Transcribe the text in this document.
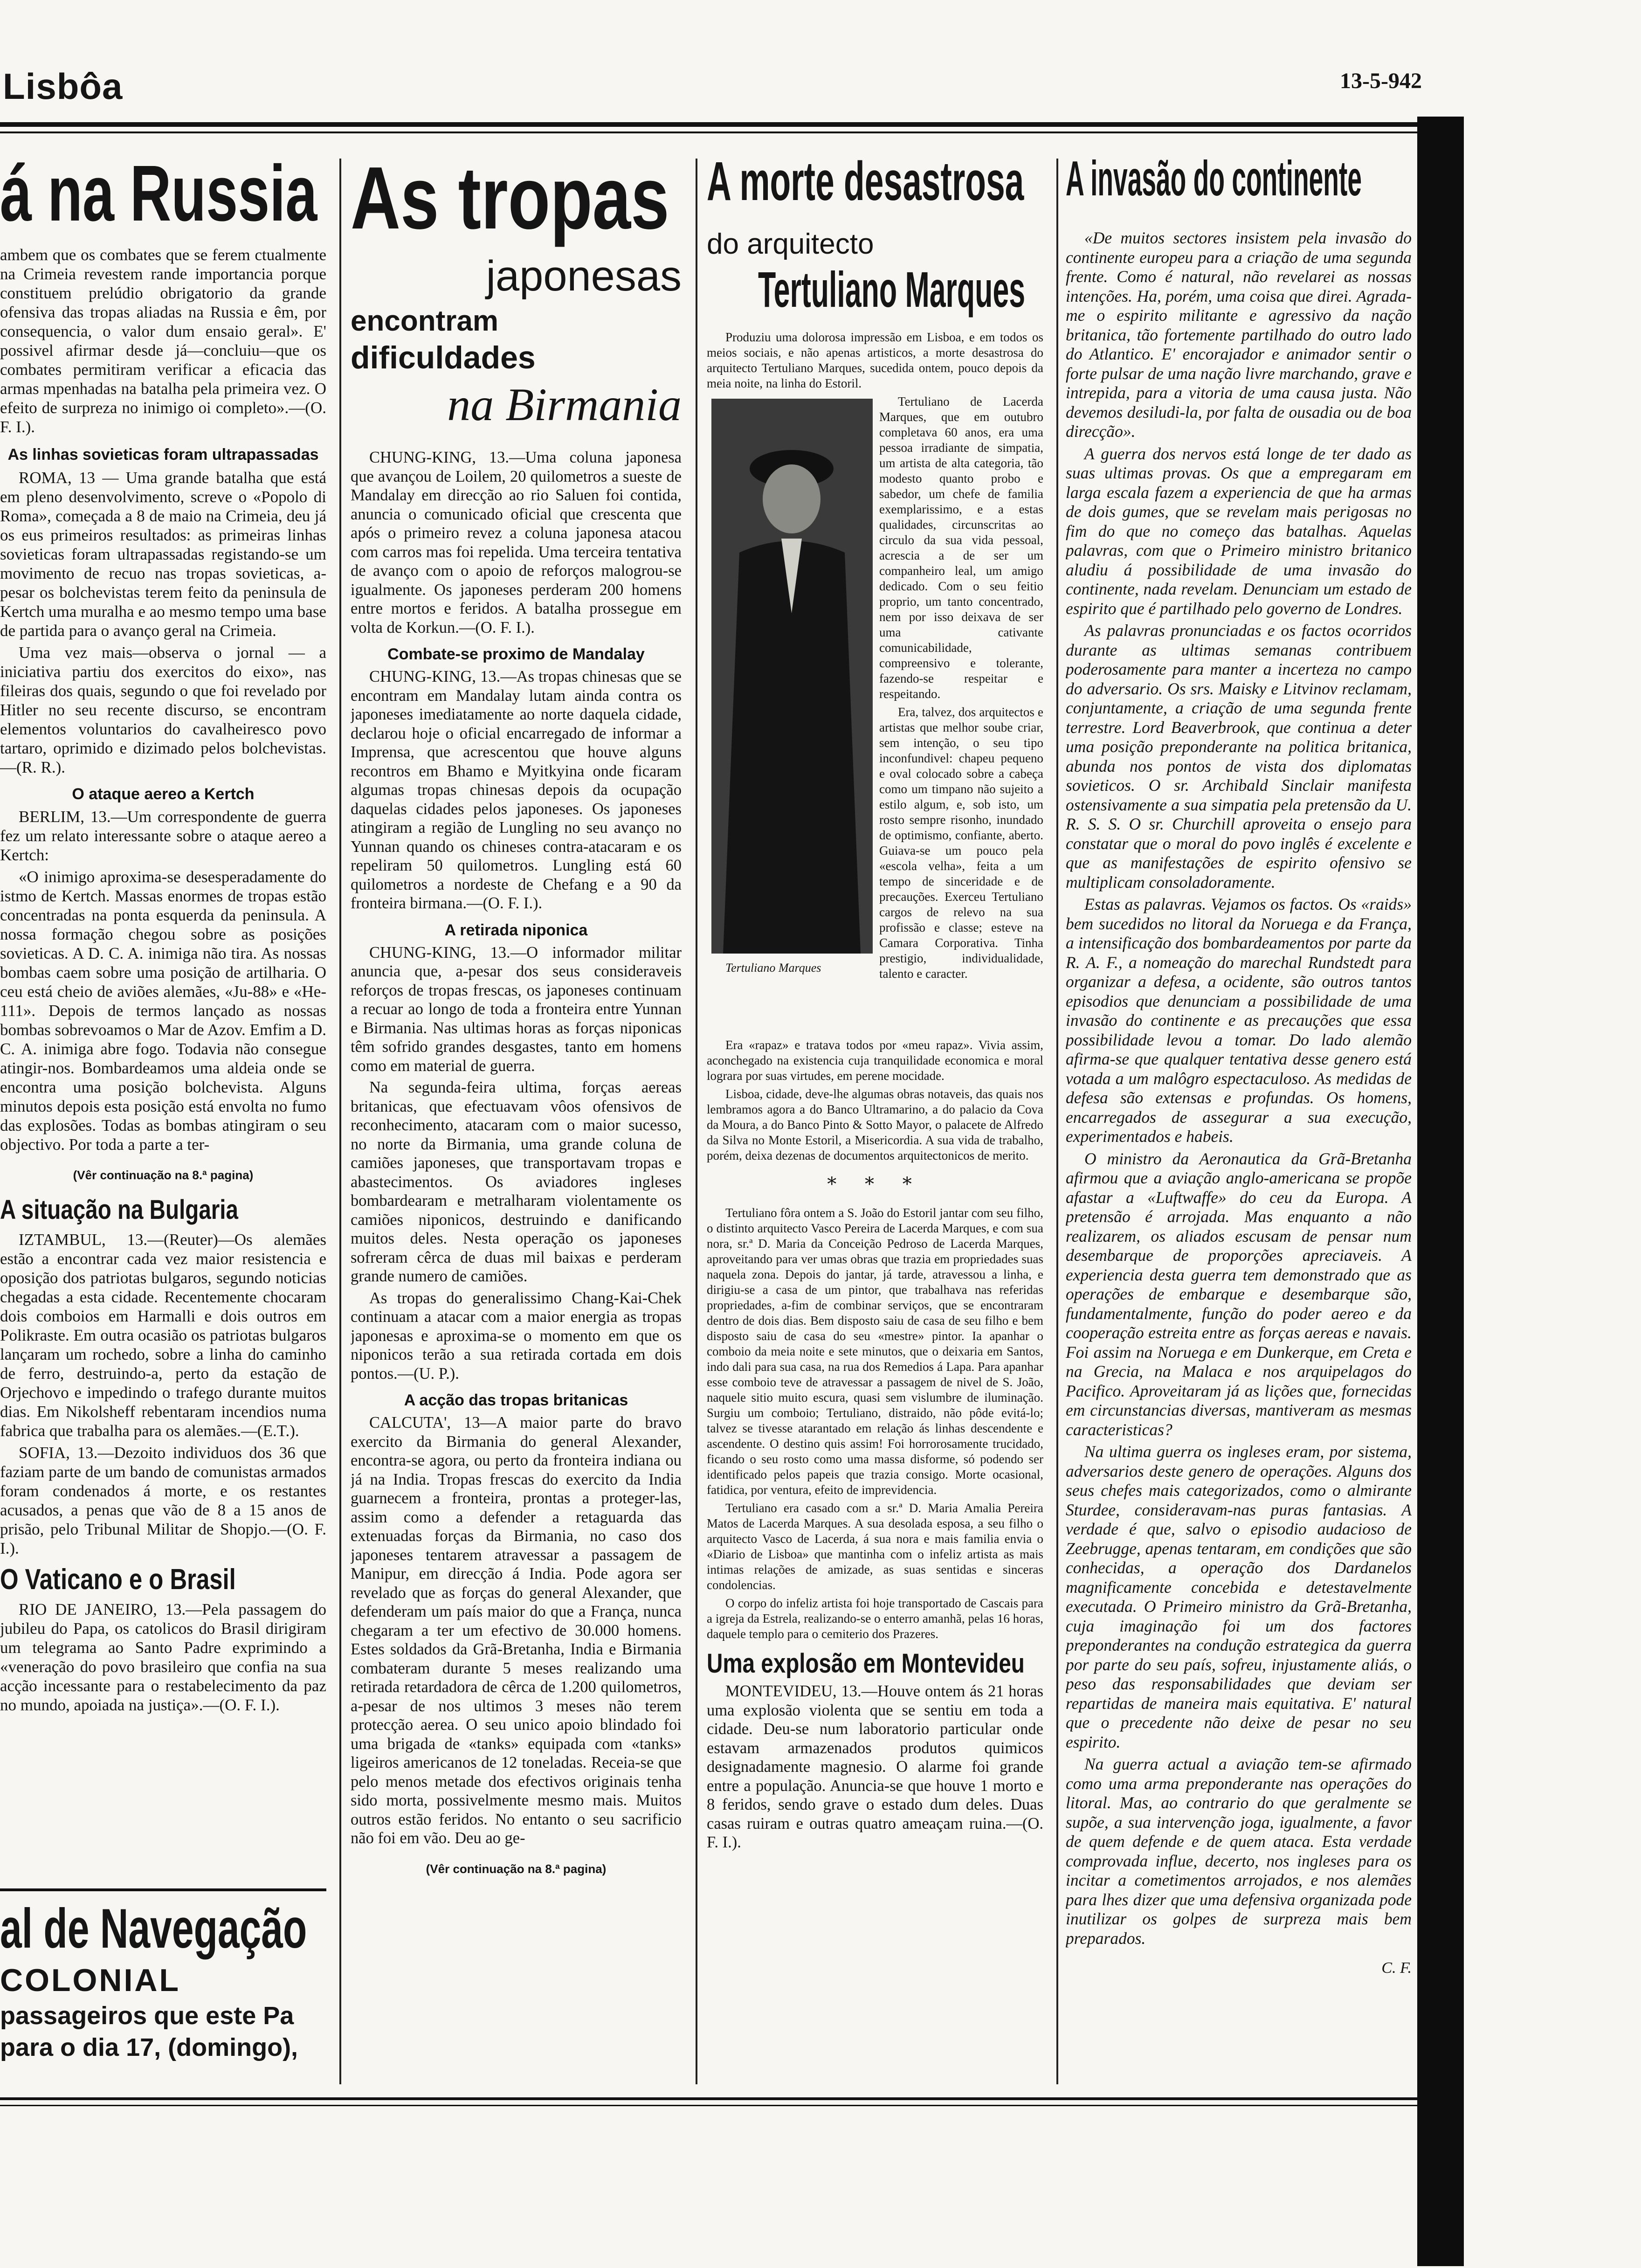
Lisbôa	13-5-942
á na Russia

ambem que os combates que se ferem ctualmente na Crimeia revestem rande importancia porque constituem prelúdio obrigatorio da grande ofensiva das tropas aliadas na Russia e êm, por consequencia, o valor dum ensaio geral». E' possivel afirmar desde já—concluiu—que os combates permitiram verificar a eficacia das armas mpenhadas na batalha pela primeira vez. O efeito de surpreza no inimigo oi completo».—(O. F. I.).

As linhas sovieticas foram ultrapassadas

ROMA, 13 — Uma grande batalha que está em pleno desenvolvimento, screve o «Popolo di Roma», começada a 8 de maio na Crimeia, deu já os eus primeiros resultados: as primeiras linhas sovieticas foram ultrapassadas registando-se um movimento de recuo nas tropas sovieticas, a-pesar os bolchevistas terem feito da peninsula de Kertch uma muralha e ao mesmo tempo uma base de partida para o avanço geral na Crimeia.

Uma vez mais—observa o jornal — a iniciativa partiu dos exercitos do eixo», nas fileiras dos quais, segundo o que foi revelado por Hitler no seu recente discurso, se encontram elementos voluntarios do cavalheiresco povo tartaro, oprimido e dizimado pelos bolchevistas.—(R. R.).

O ataque aereo a Kertch

BERLIM, 13.—Um correspondente de guerra fez um relato interessante sobre o ataque aereo a Kertch:

«O inimigo aproxima-se desesperadamente do istmo de Kertch. Massas enormes de tropas estão concentradas na ponta esquerda da peninsula. A nossa formação chegou sobre as posições sovieticas. A D. C. A. inimiga não tira. As nossas bombas caem sobre uma posição de artilharia. O ceu está cheio de aviões alemães, «Ju-88» e «He-111». Depois de termos lançado as nossas bombas sobrevoamos o Mar de Azov. Emfim a D. C. A. inimiga abre fogo. Todavia não consegue atingir-nos. Bombardeamos uma aldeia onde se encontra uma posição bolchevista. Alguns minutos depois esta posição está envolta no fumo das explosões. Todas as bombas atingiram o seu objectivo. Por toda a parte a ter-

(Vêr continuação na 8.ª pagina)
A situação na Bulgaria

IZTAMBUL, 13.—(Reuter)—Os alemães estão a encontrar cada vez maior resistencia e oposição dos patriotas bulgaros, segundo noticias chegadas a esta cidade. Recentemente chocaram dois comboios em Harmalli e dois outros em Polikraste. Em outra ocasião os patriotas bulgaros lançaram um rochedo, sobre a linha do caminho de ferro, destruindo-a, perto da estação de Orjechovo e impedindo o trafego durante muitos dias. Em Nikolsheff rebentaram incendios numa fabrica que trabalha para os alemães.—(E.T.).

SOFIA, 13.—Dezoito individuos dos 36 que faziam parte de um bando de comunistas armados foram condenados á morte, e os restantes acusados, a penas que vão de 8 a 15 anos de prisão, pelo Tribunal Militar de Shopjo.—(O. F. I.).

O Vaticano e o Brasil

RIO DE JANEIRO, 13.—Pela passagem do jubileu do Papa, os catolicos do Brasil dirigiram um telegrama ao Santo Padre exprimindo a «veneração do povo brasileiro que confia na sua acção incessante para o restabelecimento da paz no mundo, apoiada na justiça».—(O. F. I.).

al de Navegação
COLONIAL
passageiros que este Pa
para o dia 17, (domingo),
As tropas
japonesas
encontram
dificuldades
na Birmania

CHUNG-KING, 13.—Uma coluna japonesa que avançou de Loilem, 20 quilometros a sueste de Mandalay em direcção ao rio Saluen foi contida, anuncia o comunicado oficial que crescenta que após o primeiro revez a coluna japonesa atacou com carros mas foi repelida. Uma terceira tentativa de avanço com o apoio de reforços malogrou-se igualmente. Os japoneses perderam 200 homens entre mortos e feridos. A batalha prossegue em volta de Korkun.—(O. F. I.).

Combate-se proximo de Mandalay

CHUNG-KING, 13.—As tropas chinesas que se encontram em Mandalay lutam ainda contra os japoneses imediatamente ao norte daquela cidade, declarou hoje o oficial encarregado de informar a Imprensa, que acrescentou que houve alguns recontros em Bhamo e Myitkyina onde ficaram algumas tropas chinesas depois da ocupação daquelas cidades pelos japoneses. Os japoneses atingiram a região de Lungling no seu avanço no Yunnan quando os chineses contra-atacaram e os repeliram 50 quilometros. Lungling está 60 quilometros a nordeste de Chefang e a 90 da fronteira birmana.—(O. F. I.).

A retirada niponica

CHUNG-KING, 13.—O informador militar anuncia que, a-pesar dos seus consideraveis reforços de tropas frescas, os japoneses continuam a recuar ao longo de toda a fronteira entre Yunnan e Birmania. Nas ultimas horas as forças niponicas têm sofrido grandes desgastes, tanto em homens como em material de guerra.

Na segunda-feira ultima, forças aereas britanicas, que efectuavam vôos ofensivos de reconhecimento, atacaram com o maior sucesso, no norte da Birmania, uma grande coluna de camiões japoneses, que transportavam tropas e abastecimentos. Os aviadores ingleses bombardearam e metralharam violentamente os camiões niponicos, destruindo e danificando muitos deles. Nesta operação os japoneses sofreram cêrca de duas mil baixas e perderam grande numero de camiões.

As tropas do generalissimo Chang-Kai-Chek continuam a atacar com a maior energia as tropas japonesas e aproxima-se o momento em que os niponicos terão a sua retirada cortada em dois pontos.—(U. P.).

A acção das tropas britanicas

CALCUTA', 13—A maior parte do bravo exercito da Birmania do general Alexander, encontra-se agora, ou perto da fronteira indiana ou já na India. Tropas frescas do exercito da India guarnecem a fronteira, prontas a proteger-las, assim como a defender a retaguarda das extenuadas forças da Birmania, no caso dos japoneses tentarem atravessar a passagem de Manipur, em direcção á India. Pode agora ser revelado que as forças do general Alexander, que defenderam um país maior do que a França, nunca chegaram a ter um efectivo de 30.000 homens. Estes soldados da Grã-Bretanha, India e Birmania combateram durante 5 meses realizando uma retirada retardadora de cêrca de 1.200 quilometros, a-pesar de nos ultimos 3 meses não terem protecção aerea. O seu unico apoio blindado foi uma brigada de «tanks» equipada com «tanks» ligeiros americanos de 12 toneladas. Receia-se que pelo menos metade dos efectivos originais tenha sido morta, possivelmente mesmo mais. Muitos outros estão feridos. No entanto o seu sacrificio não foi em vão. Deu ao ge-

(Vêr continuação na 8.ª pagina)
A morte desastrosa
do arquitecto
Tertuliano Marques

Produziu uma dolorosa impressão em Lisboa, e em todos os meios sociais, e não apenas artisticos, a morte desastrosa do arquitecto Tertuliano Marques, sucedida ontem, pouco depois da meia noite, na linha do Estoril.

Tertuliano Marques

Tertuliano de Lacerda Marques, que em outubro completava 60 anos, era uma pessoa irradiante de simpatia, um artista de alta categoria, tão modesto quanto probo e sabedor, um chefe de familia exemplarissimo, e a estas qualidades, circunscritas ao circulo da sua vida pessoal, acrescia a de ser um companheiro leal, um amigo dedicado. Com o seu feitio proprio, um tanto concentrado, nem por isso deixava de ser uma cativante comunicabilidade, compreensivo e tolerante, fazendo-se respeitar e respeitando.

Era, talvez, dos arquitectos e artistas que melhor soube criar, sem intenção, o seu tipo inconfundivel: chapeu pequeno e oval colocado sobre a cabeça como um timpano não sujeito a estilo algum, e, sob isto, um rosto sempre risonho, inundado de optimismo, confiante, aberto. Guiava-se um pouco pela «escola velha», feita a um tempo de sinceridade e de precauções. Exerceu Tertuliano cargos de relevo na sua profissão e classe; esteve na Camara Corporativa. Tinha prestigio, individualidade, talento e caracter.

Era «rapaz» e tratava todos por «meu rapaz». Vivia assim, aconchegado na existencia cuja tranquilidade economica e moral lograra por suas virtudes, em perene mocidade.

Lisboa, cidade, deve-lhe algumas obras notaveis, das quais nos lembramos agora a do Banco Ultramarino, a do palacio da Cova da Moura, a do Banco Pinto & Sotto Mayor, o palacete de Alfredo da Silva no Monte Estoril, a Misericordia. A sua vida de trabalho, porém, deixa dezenas de documentos arquitectonicos de merito.

* * *

Tertuliano fôra ontem a S. João do Estoril jantar com seu filho, o distinto arquitecto Vasco Pereira de Lacerda Marques, e com sua nora, sr.ª D. Maria da Conceição Pedroso de Lacerda Marques, aproveitando para ver umas obras que trazia em propriedades suas naquela zona. Depois do jantar, já tarde, atravessou a linha, e dirigiu-se a casa de um pintor, que trabalhava nas referidas propriedades, a-fim de combinar serviços, que se encontraram dentro de dois dias. Bem disposto saiu de casa de seu filho e bem disposto saiu de casa do seu «mestre» pintor. Ia apanhar o comboio da meia noite e sete minutos, que o deixaria em Santos, indo dali para sua casa, na rua dos Remedios á Lapa. Para apanhar esse comboio teve de atravessar a passagem de nivel de S. João, naquele sitio muito escura, quasi sem vislumbre de iluminação. Surgiu um comboio; Tertuliano, distraido, não pôde evitá-lo; talvez se tivesse atarantado em relação ás linhas descendente e ascendente. O destino quis assim! Foi horrorosamente trucidado, ficando o seu rosto como uma massa disforme, só podendo ser identificado pelos papeis que trazia consigo. Morte ocasional, fatidica, por ventura, efeito de imprevidencia.

Tertuliano era casado com a sr.ª D. Maria Amalia Pereira Matos de Lacerda Marques. A sua desolada esposa, a seu filho o arquitecto Vasco de Lacerda, á sua nora e mais familia envia o «Diario de Lisboa» que mantinha com o infeliz artista as mais intimas relações de amizade, as suas sentidas e sinceras condolencias.

O corpo do infeliz artista foi hoje transportado de Cascais para a igreja da Estrela, realizando-se o enterro amanhã, pelas 16 horas, daquele templo para o cemiterio dos Prazeres.

Uma explosão em Montevideu

MONTEVIDEU, 13.—Houve ontem ás 21 horas uma explosão violenta que se sentiu em toda a cidade. Deu-se num laboratorio particular onde estavam armazenados produtos quimicos designadamente magnesio. O alarme foi grande entre a população. Anuncia-se que houve 1 morto e 8 feridos, sendo grave o estado dum deles. Duas casas ruiram e outras quatro ameaçam ruina.—(O. F. I.).

A invasão do continente

«De muitos sectores insistem pela invasão do continente europeu para a criação de uma segunda frente. Como é natural, não revelarei as nossas intenções. Ha, porém, uma coisa que direi. Agrada-me o espirito militante e agressivo da nação britanica, tão fortemente partilhado do outro lado do Atlantico. E' encorajador e animador sentir o forte pulsar de uma nação livre marchando, grave e intrepida, para a vitoria de uma causa justa. Não devemos desiludi-la, por falta de ousadia ou de boa direcção».

A guerra dos nervos está longe de ter dado as suas ultimas provas. Os que a empregaram em larga escala fazem a experiencia de que ha armas de dois gumes, que se revelam mais perigosas no fim do que no começo das batalhas. Aquelas palavras, com que o Primeiro ministro britanico aludiu á possibilidade de uma invasão do continente, nada revelam. Denunciam um estado de espirito que é partilhado pelo governo de Londres.

As palavras pronunciadas e os factos ocorridos durante as ultimas semanas contribuem poderosamente para manter a incerteza no campo do adversario. Os srs. Maisky e Litvinov reclamam, conjuntamente, a criação de uma segunda frente terrestre. Lord Beaverbrook, que continua a deter uma posição preponderante na politica britanica, abunda nos pontos de vista dos diplomatas sovieticos. O sr. Archibald Sinclair manifesta ostensivamente a sua simpatia pela pretensão da U. R. S. S. O sr. Churchill aproveita o ensejo para constatar que o moral do povo inglês é excelente e que as manifestações de espirito ofensivo se multiplicam consoladoramente.

Estas as palavras. Vejamos os factos. Os «raids» bem sucedidos no litoral da Noruega e da França, a intensificação dos bombardeamentos por parte da R. A. F., a nomeação do marechal Rundstedt para organizar a defesa, a ocidente, são outros tantos episodios que denunciam a possibilidade de uma invasão do continente e as precauções que essa possibilidade levou a tomar. Do lado alemão afirma-se que qualquer tentativa desse genero está votada a um malôgro espectaculoso. As medidas de defesa são extensas e profundas. Os homens, encarregados de assegurar a sua execução, experimentados e habeis.

O ministro da Aeronautica da Grã-Bretanha afirmou que a aviação anglo-americana se propõe afastar a «Luftwaffe» do ceu da Europa. A pretensão é arrojada. Mas enquanto a não realizarem, os aliados escusam de pensar num desembarque de proporções apreciaveis. A experiencia desta guerra tem demonstrado que as operações de embarque e desembarque são, fundamentalmente, função do poder aereo e da cooperação estreita entre as forças aereas e navais. Foi assim na Noruega e em Dunkerque, em Creta e na Grecia, na Malaca e nos arquipelagos do Pacifico. Aproveitaram já as lições que, fornecidas em circunstancias diversas, mantiveram as mesmas caracteristicas?

Na ultima guerra os ingleses eram, por sistema, adversarios deste genero de operações. Alguns dos seus chefes mais categorizados, como o almirante Sturdee, consideravam-nas puras fantasias. A verdade é que, salvo o episodio audacioso de Zeebrugge, apenas tentaram, em condições que são conhecidas, a operação dos Dardanelos magnificamente concebida e detestavelmente executada. O Primeiro ministro da Grã-Bretanha, cuja imaginação foi um dos factores preponderantes na condução estrategica da guerra por parte do seu país, sofreu, injustamente aliás, o peso das responsabilidades que deviam ser repartidas de maneira mais equitativa. E' natural que o precedente não deixe de pesar no seu espirito.

Na guerra actual a aviação tem-se afirmado como uma arma preponderante nas operações do litoral. Mas, ao contrario do que geralmente se supõe, a sua intervenção joga, igualmente, a favor de quem defende e de quem ataca. Esta verdade comprovada influe, decerto, nos ingleses para os incitar a cometimentos arrojados, e nos alemães para lhes dizer que uma defensiva organizada pode inutilizar os golpes de surpreza mais bem preparados.

C. F.
